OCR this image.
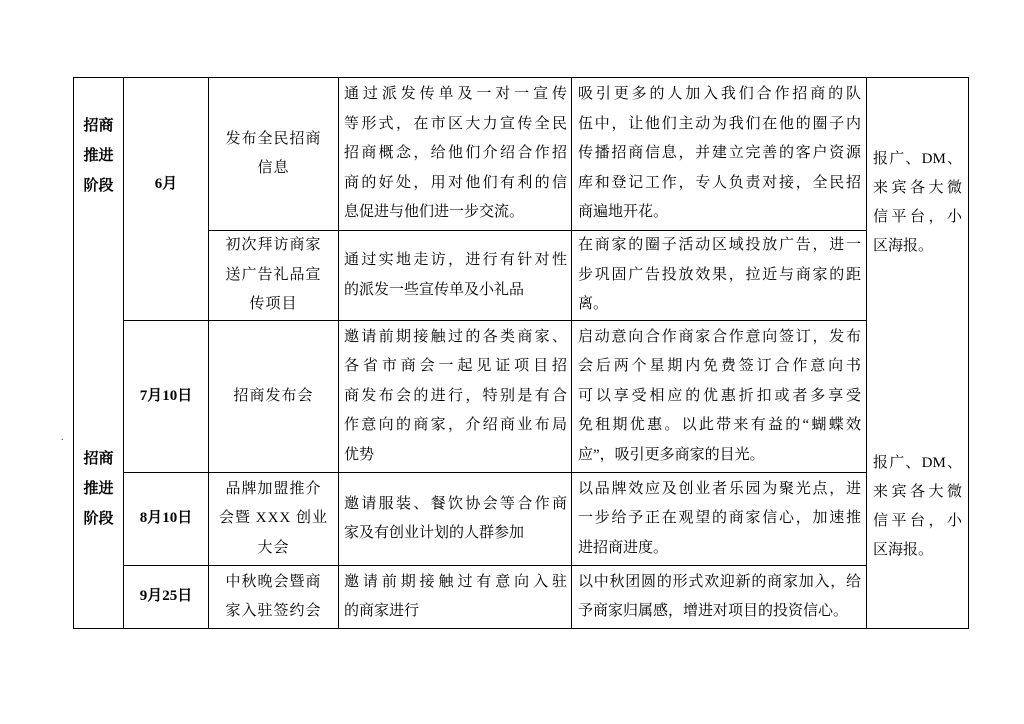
.
招商
推进
阶段
招商
推进
阶段
6月
7月10日
8月10日
9月25日
发布全民招商
信息
通过派发传单及一对一宣传
等形式，在市区大力宣传全民
招商概念，给他们介绍合作招
商的好处，用对他们有利的信
息促进与他们进一步交流。
吸引更多的人加入我们合作招商的队
伍中，让他们主动为我们在他的圈子内
传播招商信息，并建立完善的客户资源
库和登记工作，专人负责对接，全民招
商遍地开花。
初次拜访商家
送广告礼品宣
传项目
通过实地走访，进行有针对性
的派发一些宣传单及小礼品
在商家的圈子活动区域投放广告，进一
步巩固广告投放效果，拉近与商家的距
离。
招商发布会
邀请前期接触过的各类商家、
各省市商会一起见证项目招
商发布会的进行，特别是有合
作意向的商家，介绍商业布局
优势
启动意向合作商家合作意向签订，发布
会后两个星期内免费签订合作意向书
可以享受相应的优惠折扣或者多享受
免租期优惠。以此带来有益的“蝴蝶效
应”，吸引更多商家的目光。
品牌加盟推介
会暨 XXX 创业
大会
邀请服装、餐饮协会等合作商
家及有创业计划的人群参加
以品牌效应及创业者乐园为聚光点，进
一步给予正在观望的商家信心，加速推
进招商进度。
中秋晚会暨商
家入驻签约会
邀请前期接触过有意向入驻
的商家进行
以中秋团圆的形式欢迎新的商家加入，给
予商家归属感，增进对项目的投资信心。
报广、DM、
来宾各大微
信平台，小
区海报。
报广、DM、
来宾各大微
信平台，小
区海报。
